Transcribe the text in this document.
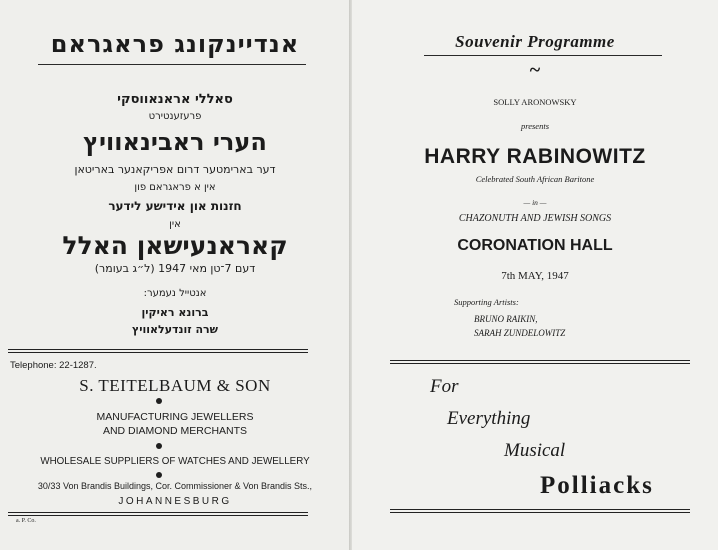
אנדיינקונג פראגראם
סאללי אראנאווסקי
פרעזענטירט
הערי ראבינאוויץ
דער בארימטער דרום אפריקאנער באריטאן
אין א פראגראם פון
חזנות און אידישע לידער
אין
קאראנעישאן האלל
דעם 7־טן מאי 1947 (ל״ג בעומר)
אנטייל נעמער:
ברונא ראיקין
שרה זונדעלאוויץ
Telephone: 22-1287.
S. TEITELBAUM & SON
MANUFACTURING JEWELLERS
AND DIAMOND MERCHANTS
WHOLESALE SUPPLIERS OF WATCHES AND JEWELLERY
30/33 Von Brandis Buildings, Cor. Commissioner & Von Brandis Sts.,
JOHANNESBURG
a. P. Co.
Souvenir Programme
~
SOLLY ARONOWSKY
presents
HARRY RABINOWITZ
Celebrated South African Baritone
— in —
CHAZONUTH AND JEWISH SONGS
CORONATION HALL
7th MAY, 1947
Supporting Artists:
BRUNO RAIKIN,
SARAH ZUNDELOWITZ
For
Everything
Musical
Polliacks
